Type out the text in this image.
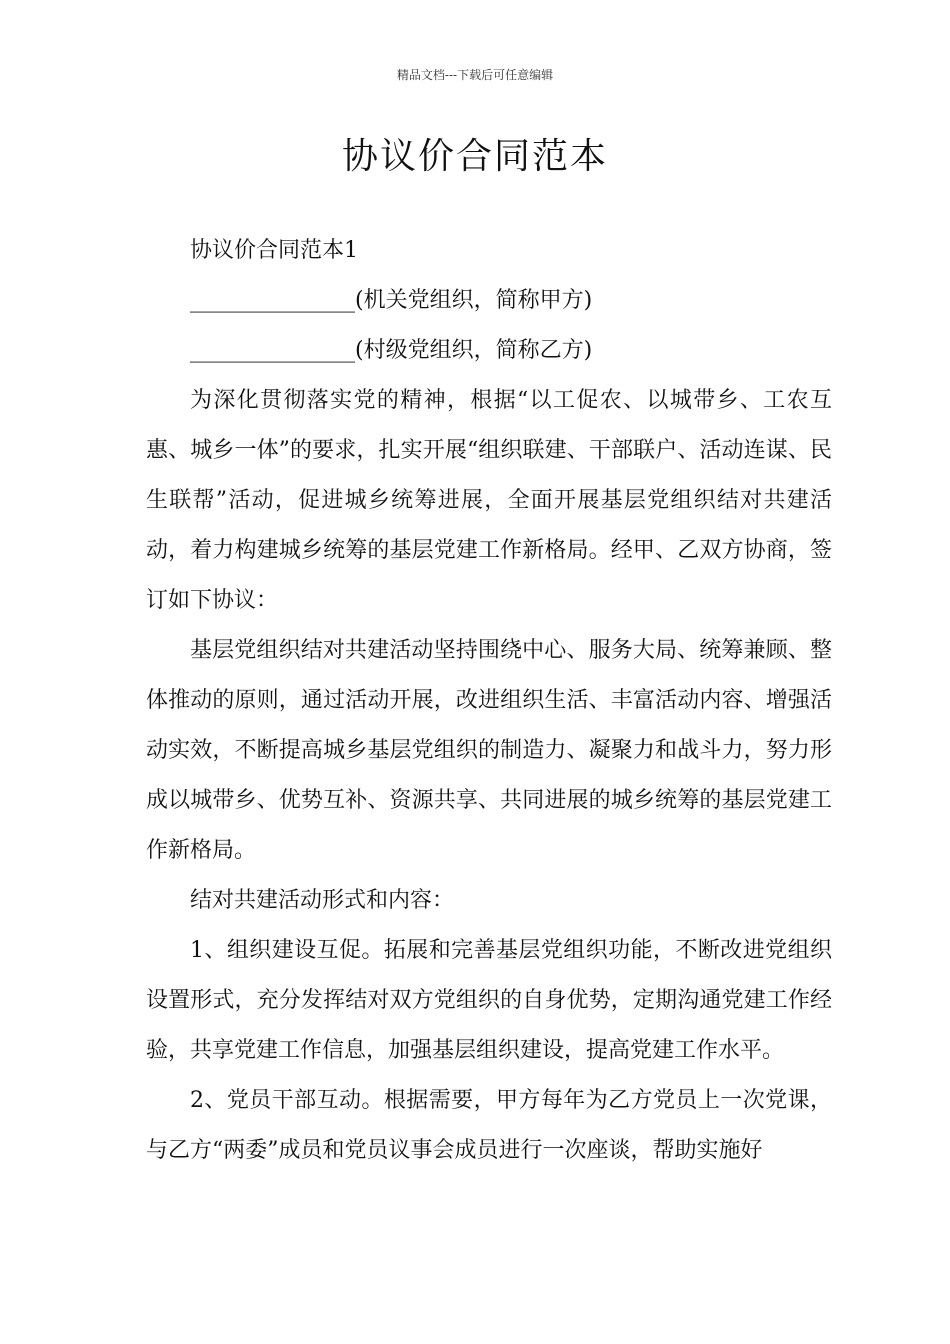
精品文档---下载后可任意编辑
协议价合同范本

协议价合同范本1

_______________(机关党组织，简称甲方)

_______________(村级党组织，简称乙方)

为深化贯彻落实党的精神，根据“以工促农、以城带乡、工农互惠、城乡一体”的要求，扎实开展“组织联建、干部联户、活动连谋、民生联帮”活动，促进城乡统筹进展，全面开展基层党组织结对共建活动，着力构建城乡统筹的基层党建工作新格局。经甲、乙双方协商，签订如下协议：

基层党组织结对共建活动坚持围绕中心、服务大局、统筹兼顾、整体推动的原则，通过活动开展，改进组织生活、丰富活动内容、增强活动实效，不断提高城乡基层党组织的制造力、凝聚力和战斗力，努力形成以城带乡、优势互补、资源共享、共同进展的城乡统筹的基层党建工作新格局。

结对共建活动形式和内容：

1、组织建设互促。拓展和完善基层党组织功能，不断改进党组织设置形式，充分发挥结对双方党组织的自身优势，定期沟通党建工作经验，共享党建工作信息，加强基层组织建设，提高党建工作水平。

2、党员干部互动。根据需要，甲方每年为乙方党员上一次党课，与乙方“两委”成员和党员议事会成员进行一次座谈，帮助实施好
